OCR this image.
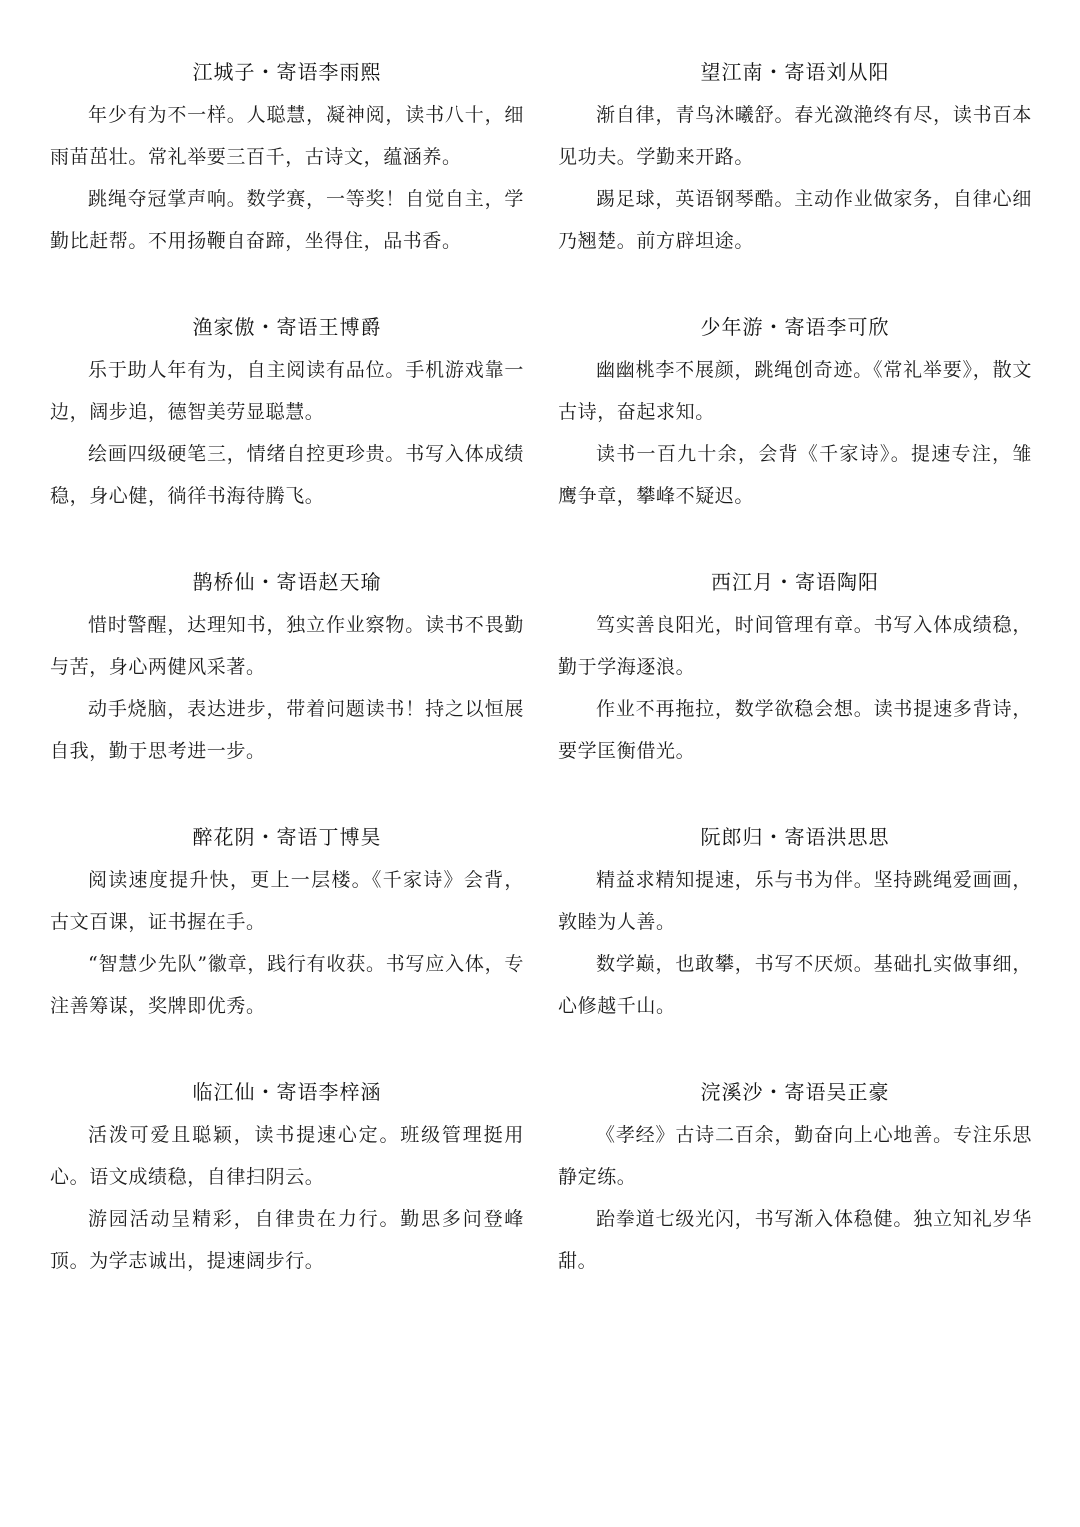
江城子・寄语李雨熙

年少有为不一样。人聪慧，凝神阅，读书八十，细雨苗茁壮。常礼举要三百千，古诗文，蕴涵养。

跳绳夺冠掌声响。数学赛，一等奖！自觉自主，学勤比赶帮。不用扬鞭自奋蹄，坐得住，品书香。

渔家傲・寄语王博爵

乐于助人年有为，自主阅读有品位。手机游戏靠一边，阔步追，德智美劳显聪慧。

绘画四级硬笔三，情绪自控更珍贵。书写入体成绩稳，身心健，徜徉书海待腾飞。

鹊桥仙・寄语赵天瑜

惜时警醒，达理知书，独立作业察物。读书不畏勤与苦，身心两健风采著。

动手烧脑，表达进步，带着问题读书！持之以恒展自我，勤于思考进一步。

醉花阴・寄语丁博昊

阅读速度提升快，更上一层楼。《千家诗》会背，古文百课，证书握在手。

“智慧少先队”徽章，践行有收获。书写应入体，专注善筹谋，奖牌即优秀。

临江仙・寄语李梓涵

活泼可爱且聪颖，读书提速心定。班级管理挺用心。语文成绩稳，自律扫阴云。

游园活动呈精彩，自律贵在力行。勤思多问登峰顶。为学志诚出，提速阔步行。

望江南・寄语刘从阳

渐自律，青鸟沐曦舒。春光潋滟终有尽，读书百本见功夫。学勤来开路。

踢足球，英语钢琴酷。主动作业做家务，自律心细乃翘楚。前方辟坦途。

少年游・寄语李可欣

幽幽桃李不展颜，跳绳创奇迹。《常礼举要》，散文古诗，奋起求知。

读书一百九十余，会背《千家诗》。提速专注，雏鹰争章，攀峰不疑迟。

西江月・寄语陶阳

笃实善良阳光，时间管理有章。书写入体成绩稳，勤于学海逐浪。

作业不再拖拉，数学欲稳会想。读书提速多背诗，要学匡衡借光。

阮郎归・寄语洪思思

精益求精知提速，乐与书为伴。坚持跳绳爱画画，敦睦为人善。

数学巅，也敢攀，书写不厌烦。基础扎实做事细，心修越千山。

浣溪沙・寄语吴正豪

《孝经》古诗二百余，勤奋向上心地善。专注乐思静定练。

跆拳道七级光闪，书写渐入体稳健。独立知礼岁华甜。
